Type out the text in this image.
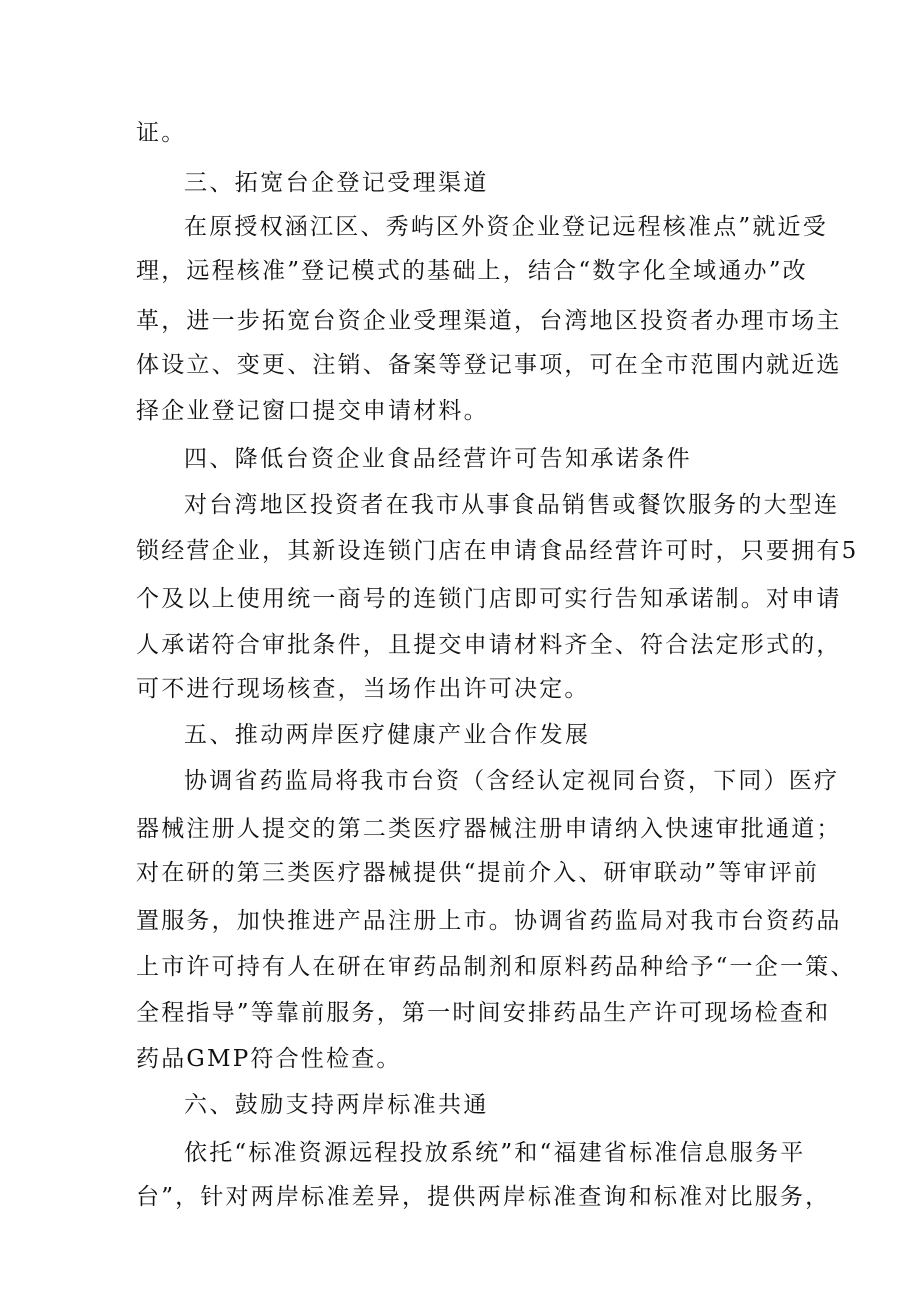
证。
三、拓宽台企登记受理渠道
在原授权涵江区、秀屿区外资企业登记远程核准点”就近受
理，远程核准”登记模式的基础上，结合“数字化全域通办”改
革，进一步拓宽台资企业受理渠道，台湾地区投资者办理市场主
体设立、变更、注销、备案等登记事项，可在全市范围内就近选
择企业登记窗口提交申请材料。
四、降低台资企业食品经营许可告知承诺条件
对台湾地区投资者在我市从事食品销售或餐饮服务的大型连
锁经营企业，其新设连锁门店在申请食品经营许可时，只要拥有5
个及以上使用统一商号的连锁门店即可实行告知承诺制。对申请
人承诺符合审批条件，且提交申请材料齐全、符合法定形式的，
可不进行现场核查，当场作出许可决定。
五、推动两岸医疗健康产业合作发展
协调省药监局将我市台资（含经认定视同台资，下同）医疗
器械注册人提交的第二类医疗器械注册申请纳入快速审批通道；
对在研的第三类医疗器械提供“提前介入、研审联动”等审评前
置服务，加快推进产品注册上市。协调省药监局对我市台资药品
上市许可持有人在研在审药品制剂和原料药品种给予“一企一策、
全程指导”等靠前服务，第一时间安排药品生产许可现场检查和
药品GMP符合性检查。
六、鼓励支持两岸标准共通
依托“标准资源远程投放系统”和“福建省标准信息服务平
台”，针对两岸标准差异，提供两岸标准查询和标准对比服务，
